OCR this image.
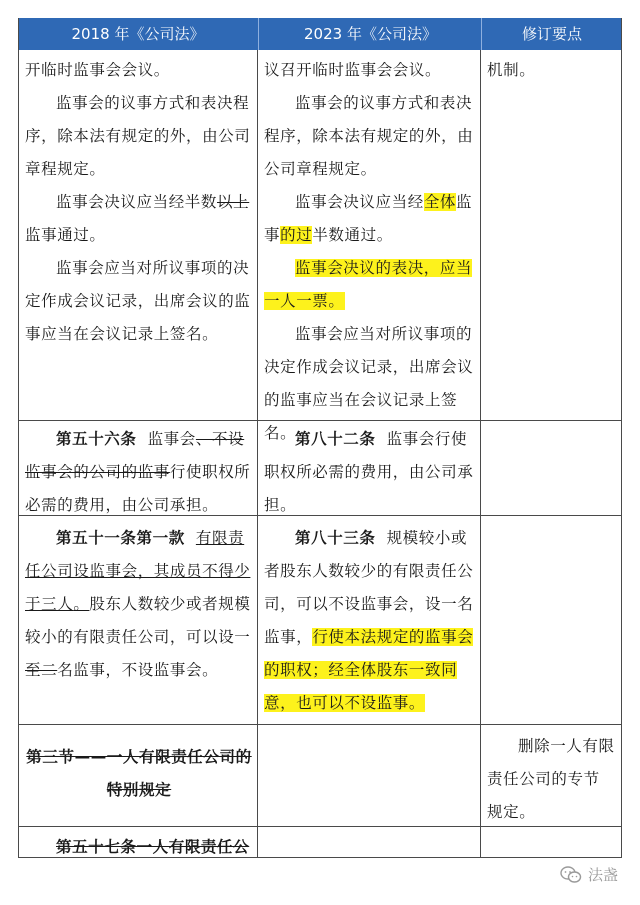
2018 年《公司法》	2023 年《公司法》	修订要点

开临时监事会会议。

监事会的议事方式和表决程序，除本法有规定的外，由公司章程规定。

监事会决议应当经半数以上监事通过。

监事会应当对所议事项的决定作成会议记录，出席会议的监事应当在会议记录上签名。

议召开临时监事会会议。

监事会的议事方式和表决程序，除本法有规定的外，由公司章程规定。

监事会决议应当经全体监事的过半数通过。

监事会决议的表决，应当一人一票。

监事会应当对所议事项的决定作成会议记录，出席会议的监事应当在会议记录上签名。

机制。

第五十六条 监事会、不设监事会的公司的监事行使职权所必需的费用，由公司承担。

第八十二条 监事会行使职权所必需的费用，由公司承担。

第五十一条第一款 有限责任公司设监事会，其成员不得少于三人。股东人数较少或者规模较小的有限责任公司，可以设一至二名监事，不设监事会。

第八十三条 规模较小或者股东人数较少的有限责任公司，可以不设监事会，设一名监事，行使本法规定的监事会的职权；经全体股东一致同意，也可以不设监事。

第三节——一人有限责任公司的特别规定

删除一人有限责任公司的专节规定。

第五十七条一人有限责任公

法盏
